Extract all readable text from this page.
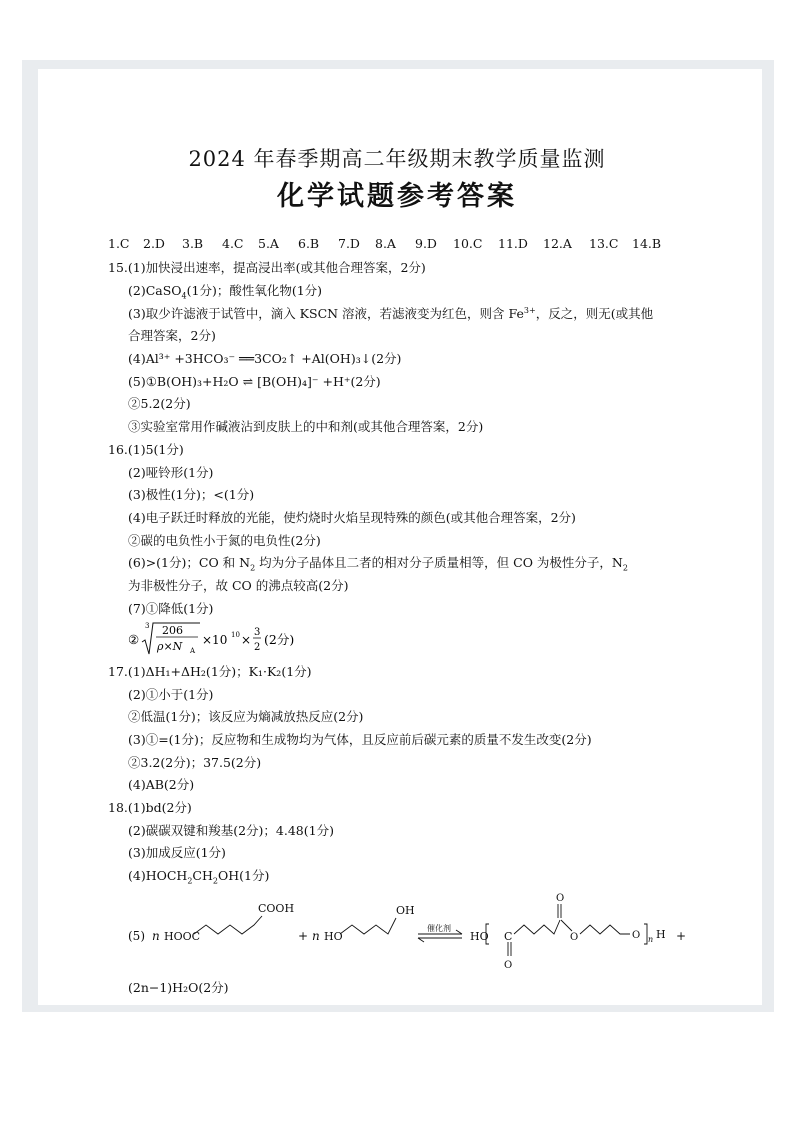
2024 年春季期高二年级期末教学质量监测
化学试题参考答案
1.C 2.D 3.B 4.C 5.A 6.B 7.D 8.A 9.D 10.C 11.D 12.A 13.C 14.B
15.(1)加快浸出速率，提高浸出率(或其他合理答案，2分)
(2)CaSO$_4$(1分)；酸性氧化物(1分)
(3)取少许滤液于试管中，滴入 KSCN 溶液，若滤液变为红色，则含 $Fe^{3+}$，反之，则无(或其他
合理答案，2分)
(4)Al³⁺ +3HCO₃⁻ ══3CO₂↑ +Al(OH)₃↓(2分)
(5)①B(OH)₃+H₂O ⇌ [B(OH)₄]⁻ +H⁺(2分)
②5.2(2分)
③实验室常用作碱液沾到皮肤上的中和剂(或其他合理答案，2分)
16.(1)5(1分)
(2)哑铃形(1分)
(3)极性(1分)；<(1分)
(4)电子跃迁时释放的光能，使灼烧时火焰呈现特殊的颜色(或其他合理答案，2分)
②碳的电负性小于氮的电负性(2分)
(6)>(1分)；CO 和 $N_2$ 均为分子晶体且二者的相对分子质量相等，但 CO 为极性分子，$N_2$
为非极性分子，故 CO 的沸点较高(2分)
(7)①降低(1分)
②
3 206
ρ×N A
×10 10 ×
3
2
(2分)
17.(1)ΔH₁+ΔH₂(1分)；K₁·K₂(1分)
(2)①小于(1分)
②低温(1分)；该反应为熵减放热反应(2分)
(3)①=(1分)；反应物和生成物均为气体，且反应前后碳元素的质量不发生改变(2分)
②3.2(2分)；37.5(2分)
(4)AB(2分)
18.(1)bd(2分)
(2)碳碳双键和羧基(2分)；4.48(1分)
(3)加成反应(1分)
$(4)HOCH_2CH_2OH(1$分)
(5) n HOOC
COOH
+ n HO
OH
催化剂
HO C
O
O
O	O n H +
(2n−1)H₂O(2分)
